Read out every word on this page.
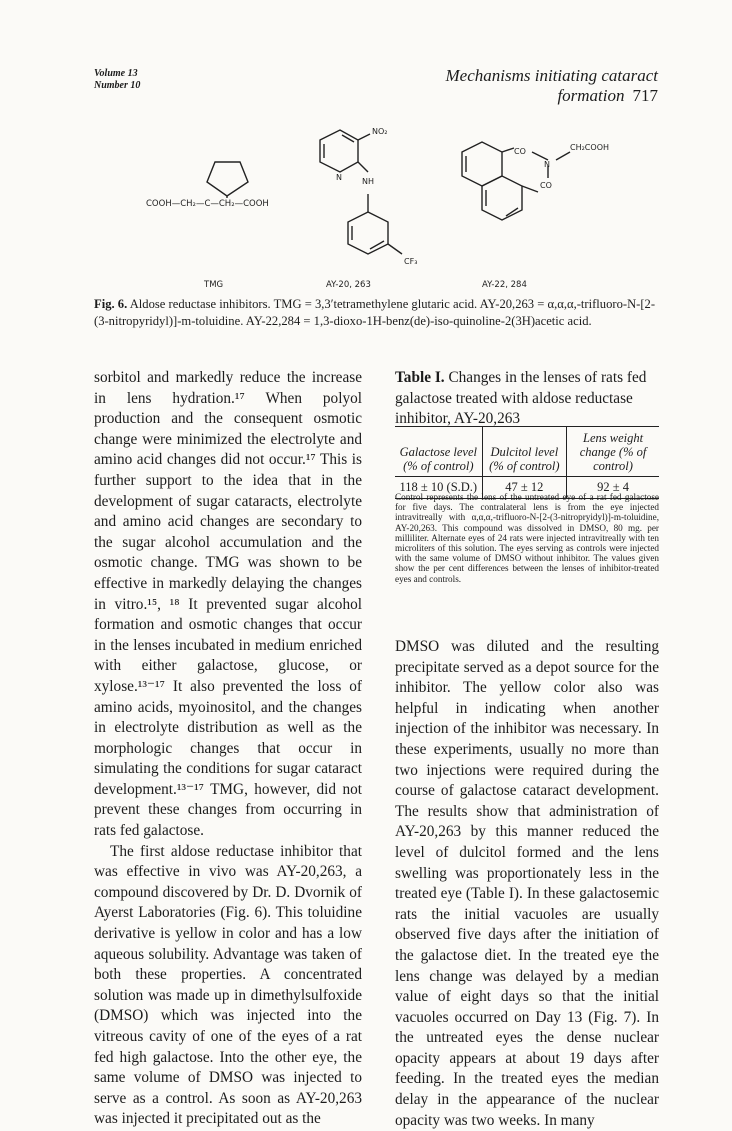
Volume 13
Number 10
Mechanisms initiating cataract formation 717
COOH—CH₂—C—CH₂—COOH
NO₂
N	NH
CF₃
CO
N
CH₂COOH
CO
TMG	AY-20, 263	AY-22, 284
Fig. 6. Aldose reductase inhibitors. TMG = 3,3′tetramethylene glutaric acid. AY-20,263 = α,α,α,-trifluoro-N-[2-(3-nitropyridyl)]-m-toluidine. AY-22,284 = 1,3-dioxo-1H-benz(de)-iso-quinoline-2(3H)acetic acid.

sorbitol and markedly reduce the increase in lens hydration.¹⁷ When polyol production and the consequent osmotic change were minimized the electrolyte and amino acid changes did not occur.¹⁷ This is further support to the idea that in the development of sugar cataracts, electrolyte and amino acid changes are secondary to the sugar alcohol accumulation and the osmotic change. TMG was shown to be effective in markedly delaying the changes in vitro.¹⁵, ¹⁸ It prevented sugar alcohol formation and osmotic changes that occur in the lenses incubated in medium enriched with either galactose, glucose, or xylose.¹³⁻¹⁷ It also prevented the loss of amino acids, myoinositol, and the changes in electrolyte distribution as well as the morphologic changes that occur in simulating the conditions for sugar cataract development.¹³⁻¹⁷ TMG, however, did not prevent these changes from occurring in rats fed galactose.

The first aldose reductase inhibitor that was effective in vivo was AY-20,263, a compound discovered by Dr. D. Dvornik of Ayerst Laboratories (Fig. 6). This toluidine derivative is yellow in color and has a low aqueous solubility. Advantage was taken of both these properties. A concentrated solution was made up in dimethylsulfoxide (DMSO) which was injected into the vitreous cavity of one of the eyes of a rat fed high galactose. Into the other eye, the same volume of DMSO was injected to serve as a control. As soon as AY-20,263 was injected it precipitated out as the

Table I. Changes in the lenses of rats fed galactose treated with aldose reductase inhibitor, AY-20,263
Galactose level (% of control)	Dulcitol level (% of control)	Lens weight change (% of control)
118 ± 10 (S.D.)	47 ± 12	92 ± 4
Control represents the lens of the untreated eye of a rat fed galactose for five days. The contralateral lens is from the eye injected intravitreally with α,α,α,-trifluoro-N-[2-(3-nitropryidyl)]-m-toluidine, AY-20,263. This compound was dissolved in DMSO, 80 mg. per milliliter. Alternate eyes of 24 rats were injected intravitreally with ten microliters of this solution. The eyes serving as controls were injected with the same volume of DMSO without inhibitor. The values given show the per cent differences between the lenses of inhibitor-treated eyes and controls.

DMSO was diluted and the resulting precipitate served as a depot source for the inhibitor. The yellow color also was helpful in indicating when another injection of the inhibitor was necessary. In these experiments, usually no more than two injections were required during the course of galactose cataract development. The results show that administration of AY-20,263 by this manner reduced the level of dulcitol formed and the lens swelling was proportionately less in the treated eye (Table I). In these galactosemic rats the initial vacuoles are usually observed five days after the initiation of the galactose diet. In the treated eye the lens change was delayed by a median value of eight days so that the initial vacuoles occurred on Day 13 (Fig. 7). In the untreated eyes the dense nuclear opacity appears at about 19 days after feeding. In the treated eyes the median delay in the appearance of the nuclear opacity was two weeks. In many
